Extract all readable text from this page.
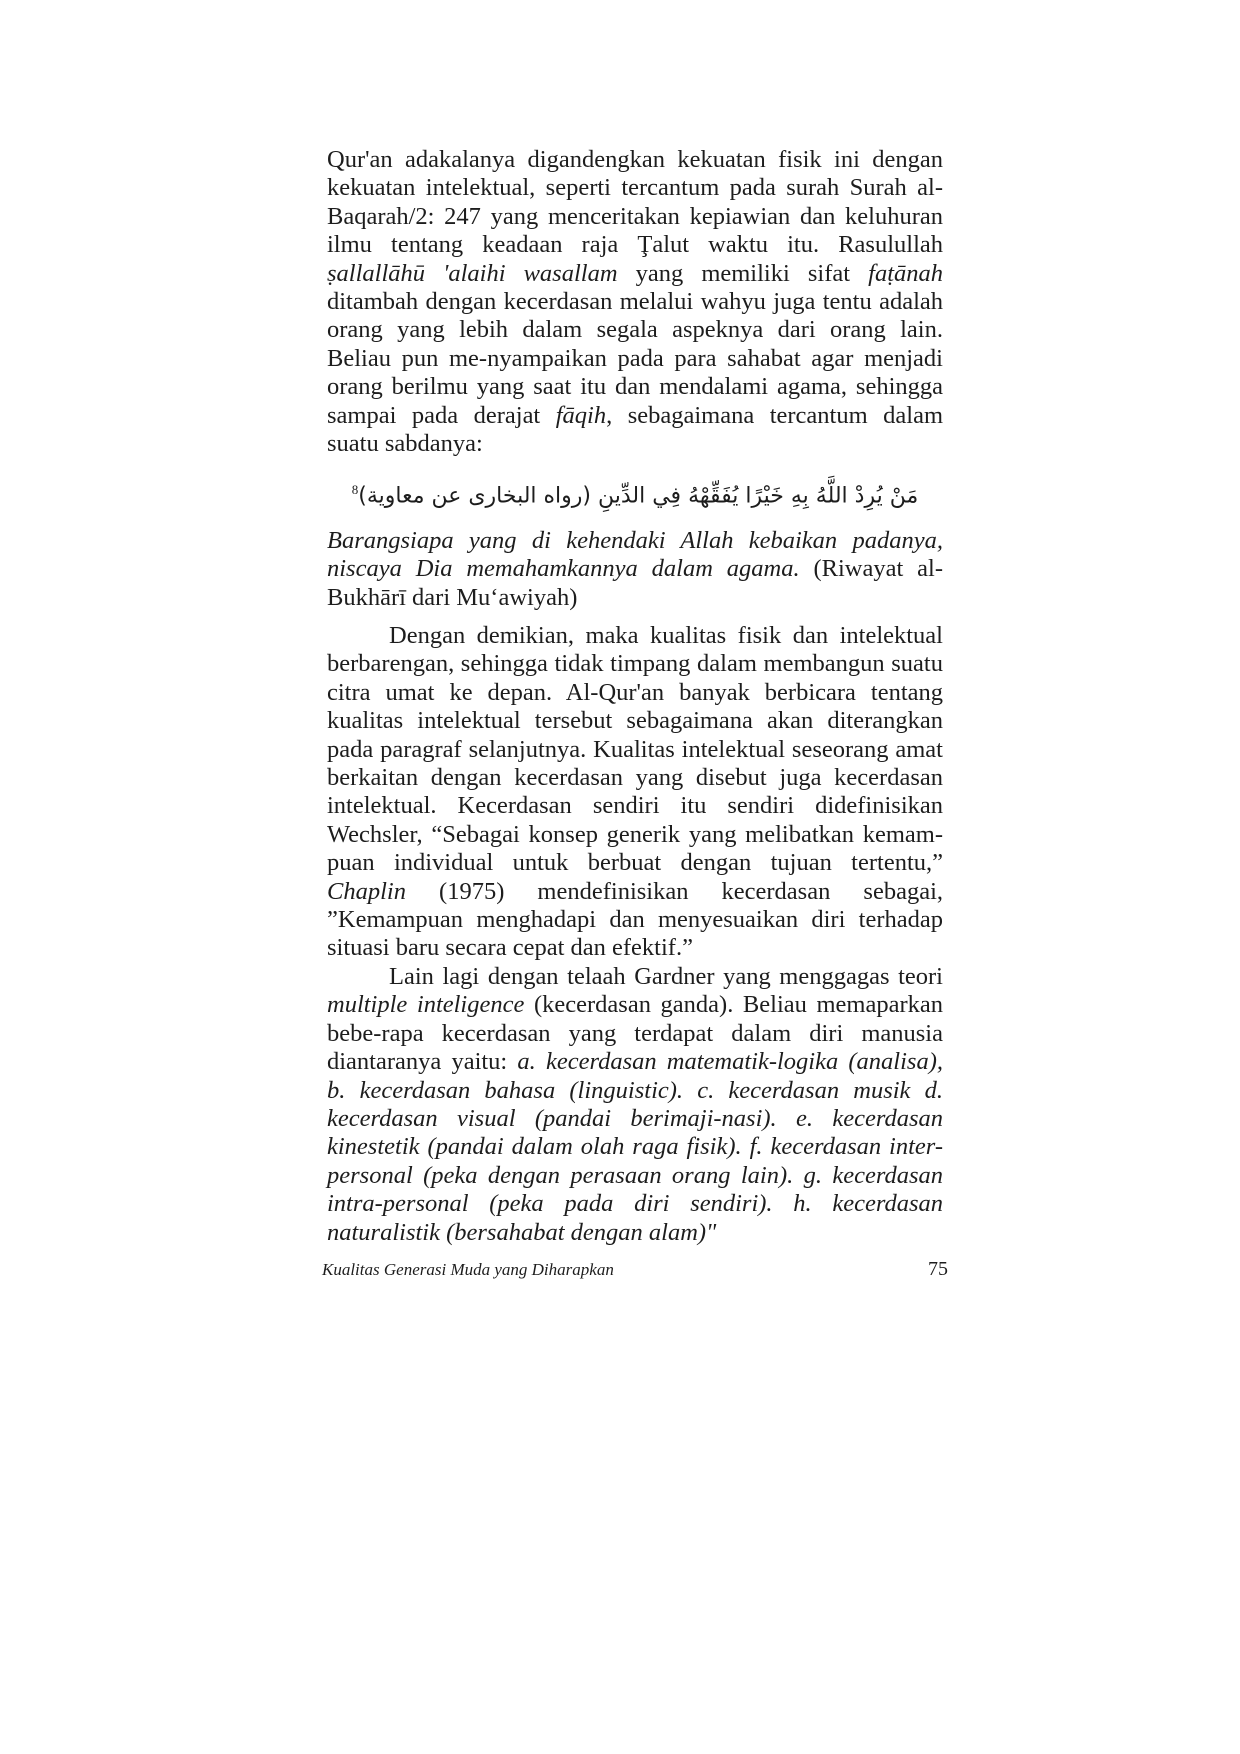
Qur'an adakalanya digandengkan kekuatan fisik ini dengan kekuatan intelektual, seperti tercantum pada surah Surah al-Baqarah/2: 247 yang menceritakan kepiawian dan keluhuran ilmu tentang keadaan raja Ţalut waktu itu. Rasulullah ṣallallāhū 'alaihi wasallam yang memiliki sifat faṭānah ditambah dengan kecerdasan melalui wahyu juga tentu adalah orang yang lebih dalam segala aspeknya dari orang lain. Beliau pun me-nyampaikan pada para sahabat agar menjadi orang berilmu yang saat itu dan mendalami agama, sehingga sampai pada derajat fāqih, sebagaimana tercantum dalam suatu sabdanya:

مَنْ يُرِدْ اللَّهُ بِهِ خَيْرًا يُفَقِّهْهُ فِي الدِّينِ (رواه البخارى عن معاوية)$^8$

Barangsiapa yang di kehendaki Allah kebaikan padanya, niscaya Dia memahamkannya dalam agama. (Riwayat al-Bukhārī dari Mu‘awiyah)

Dengan demikian, maka kualitas fisik dan intelektual berbarengan, sehingga tidak timpang dalam membangun suatu citra umat ke depan. Al-Qur'an banyak berbicara tentang kualitas intelektual tersebut sebagaimana akan diterangkan pada paragraf selanjutnya. Kualitas intelektual seseorang amat berkaitan dengan kecerdasan yang disebut juga kecerdasan intelektual. Kecerdasan sendiri itu sendiri didefinisikan Wechsler, “Sebagai konsep generik yang melibatkan kemam-puan individual untuk berbuat dengan tujuan tertentu,” Chaplin (1975) mendefinisikan kecerdasan sebagai, ”Kemampuan menghadapi dan menyesuaikan diri terhadap situasi baru secara cepat dan efektif.”

Lain lagi dengan telaah Gardner yang menggagas teori multiple inteligence (kecerdasan ganda). Beliau memaparkan bebe-rapa kecerdasan yang terdapat dalam diri manusia diantaranya yaitu: a. kecerdasan matematik-logika (analisa), b. kecerdasan bahasa (linguistic). c. kecerdasan musik d. kecerdasan visual (pandai berimaji-nasi). e. kecerdasan kinestetik (pandai dalam olah raga fisik). f. kecerdasan inter-personal (peka dengan perasaan orang lain). g. kecerdasan intra-personal (peka pada diri sendiri). h. kecerdasan naturalistik (bersahabat dengan alam)"

Kualitas Generasi Muda yang Diharapkan	75
